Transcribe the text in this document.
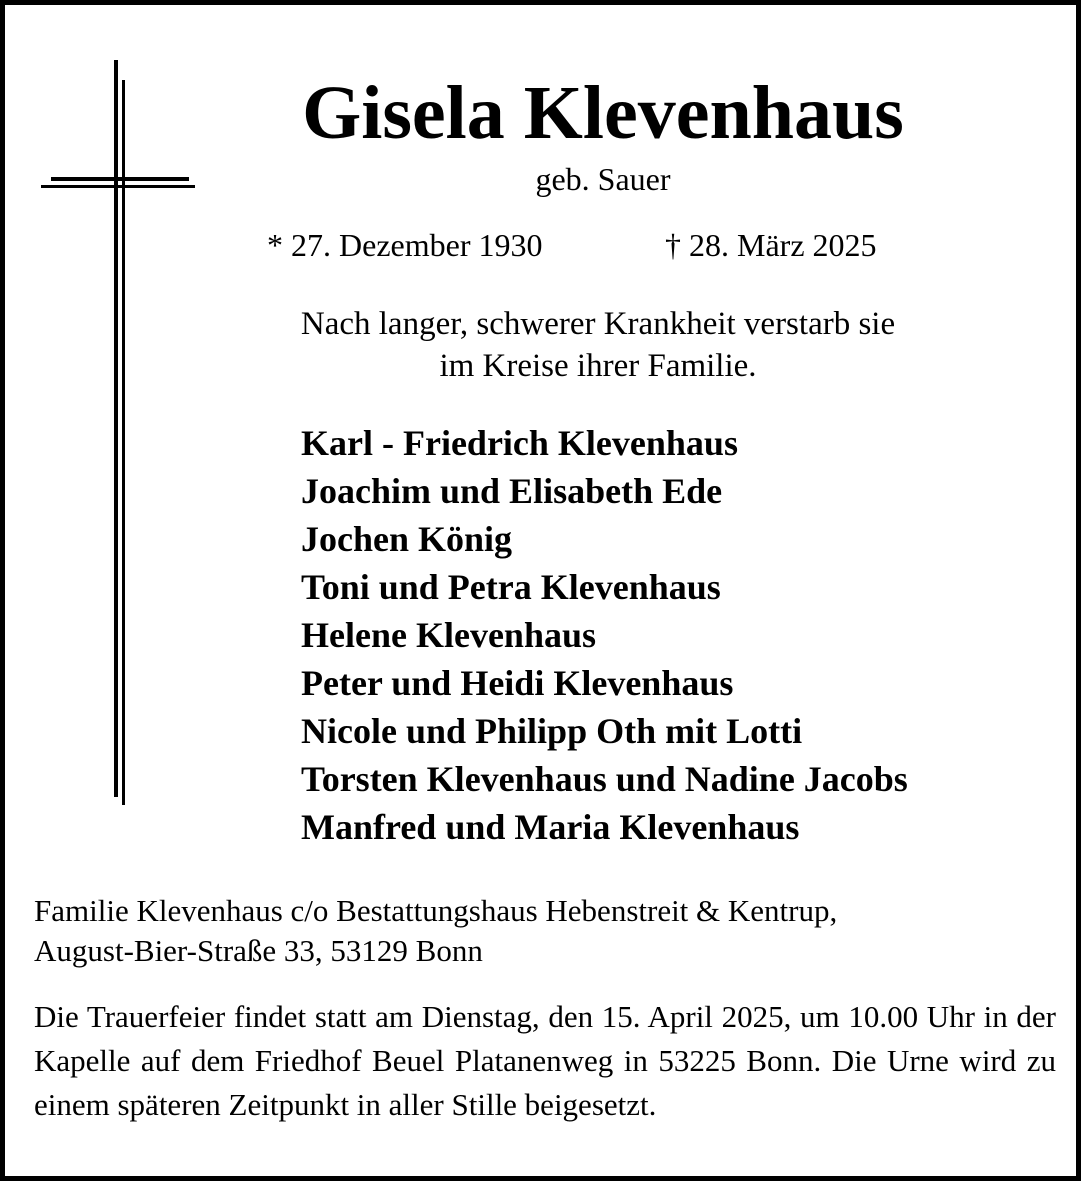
Gisela Klevenhaus
geb. Sauer
* 27. Dezember 1930	† 28. März 2025
Nach langer, schwerer Krankheit verstarb sie
im Kreise ihrer Familie.
Karl - Friedrich Klevenhaus
Joachim und Elisabeth Ede
Jochen König
Toni und Petra Klevenhaus
Helene Klevenhaus
Peter und Heidi Klevenhaus
Nicole und Philipp Oth mit Lotti
Torsten Klevenhaus und Nadine Jacobs
Manfred und Maria Klevenhaus
Familie Klevenhaus c/o Bestattungshaus Hebenstreit & Kentrup,
August-Bier-Straße 33, 53129 Bonn
Die Trauerfeier findet statt am Dienstag, den 15. April 2025, um 10.00 Uhr in der Kapelle auf dem Friedhof Beuel Platanenweg in 53225 Bonn. Die Urne wird zu einem späteren Zeitpunkt in aller Stille beigesetzt.
